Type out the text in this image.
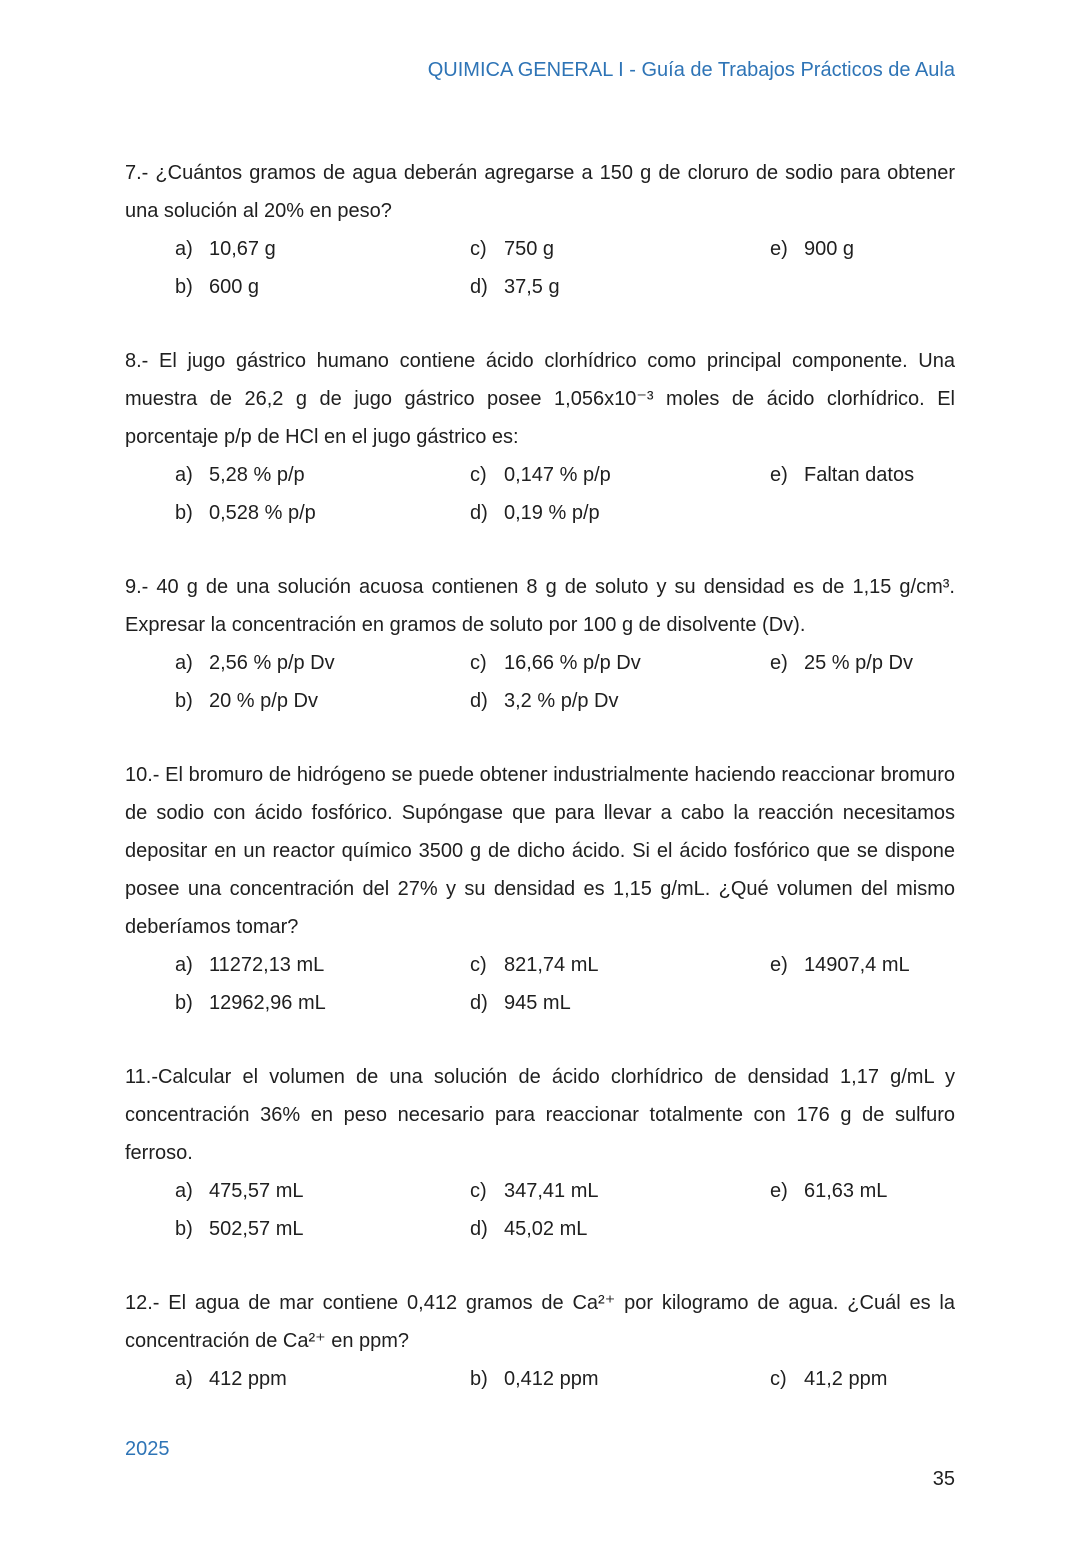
QUIMICA GENERAL I - Guía de Trabajos Prácticos de Aula

7.- ¿Cuántos gramos de agua deberán agregarse a 150 g de cloruro de sodio para obtener una solución al 20% en peso?

a) 10,67 g	c) 750 g	e) 900 g
b) 600 g	d) 37,5 g

8.- El jugo gástrico humano contiene ácido clorhídrico como principal componente. Una muestra de 26,2 g de jugo gástrico posee 1,056x10⁻³ moles de ácido clorhídrico. El porcentaje p/p de HCl en el jugo gástrico es:

a) 5,28 % p/p	c) 0,147 % p/p	e) Faltan datos
b) 0,528 % p/p	d) 0,19 % p/p

9.- 40 g de una solución acuosa contienen 8 g de soluto y su densidad es de 1,15 g/cm³. Expresar la concentración en gramos de soluto por 100 g de disolvente (Dv).

a) 2,56 % p/p Dv	c) 16,66 % p/p Dv	e) 25 % p/p Dv
b) 20 % p/p Dv	d) 3,2 % p/p Dv

10.- El bromuro de hidrógeno se puede obtener industrialmente haciendo reaccionar bromuro de sodio con ácido fosfórico. Supóngase que para llevar a cabo la reacción necesitamos depositar en un reactor químico 3500 g de dicho ácido. Si el ácido fosfórico que se dispone posee una concentración del 27% y su densidad es 1,15 g/mL. ¿Qué volumen del mismo deberíamos tomar?

a) 11272,13 mL	c) 821,74 mL	e) 14907,4 mL
b) 12962,96 mL	d) 945 mL

11.-Calcular el volumen de una solución de ácido clorhídrico de densidad 1,17 g/mL y concentración 36% en peso necesario para reaccionar totalmente con 176 g de sulfuro ferroso.

a) 475,57 mL	c) 347,41 mL	e) 61,63 mL
b) 502,57 mL	d) 45,02 mL

12.- El agua de mar contiene 0,412 gramos de Ca²⁺ por kilogramo de agua. ¿Cuál es la concentración de Ca²⁺ en ppm?

a) 412 ppm	b) 0,412 ppm	c) 41,2 ppm
2025
35
